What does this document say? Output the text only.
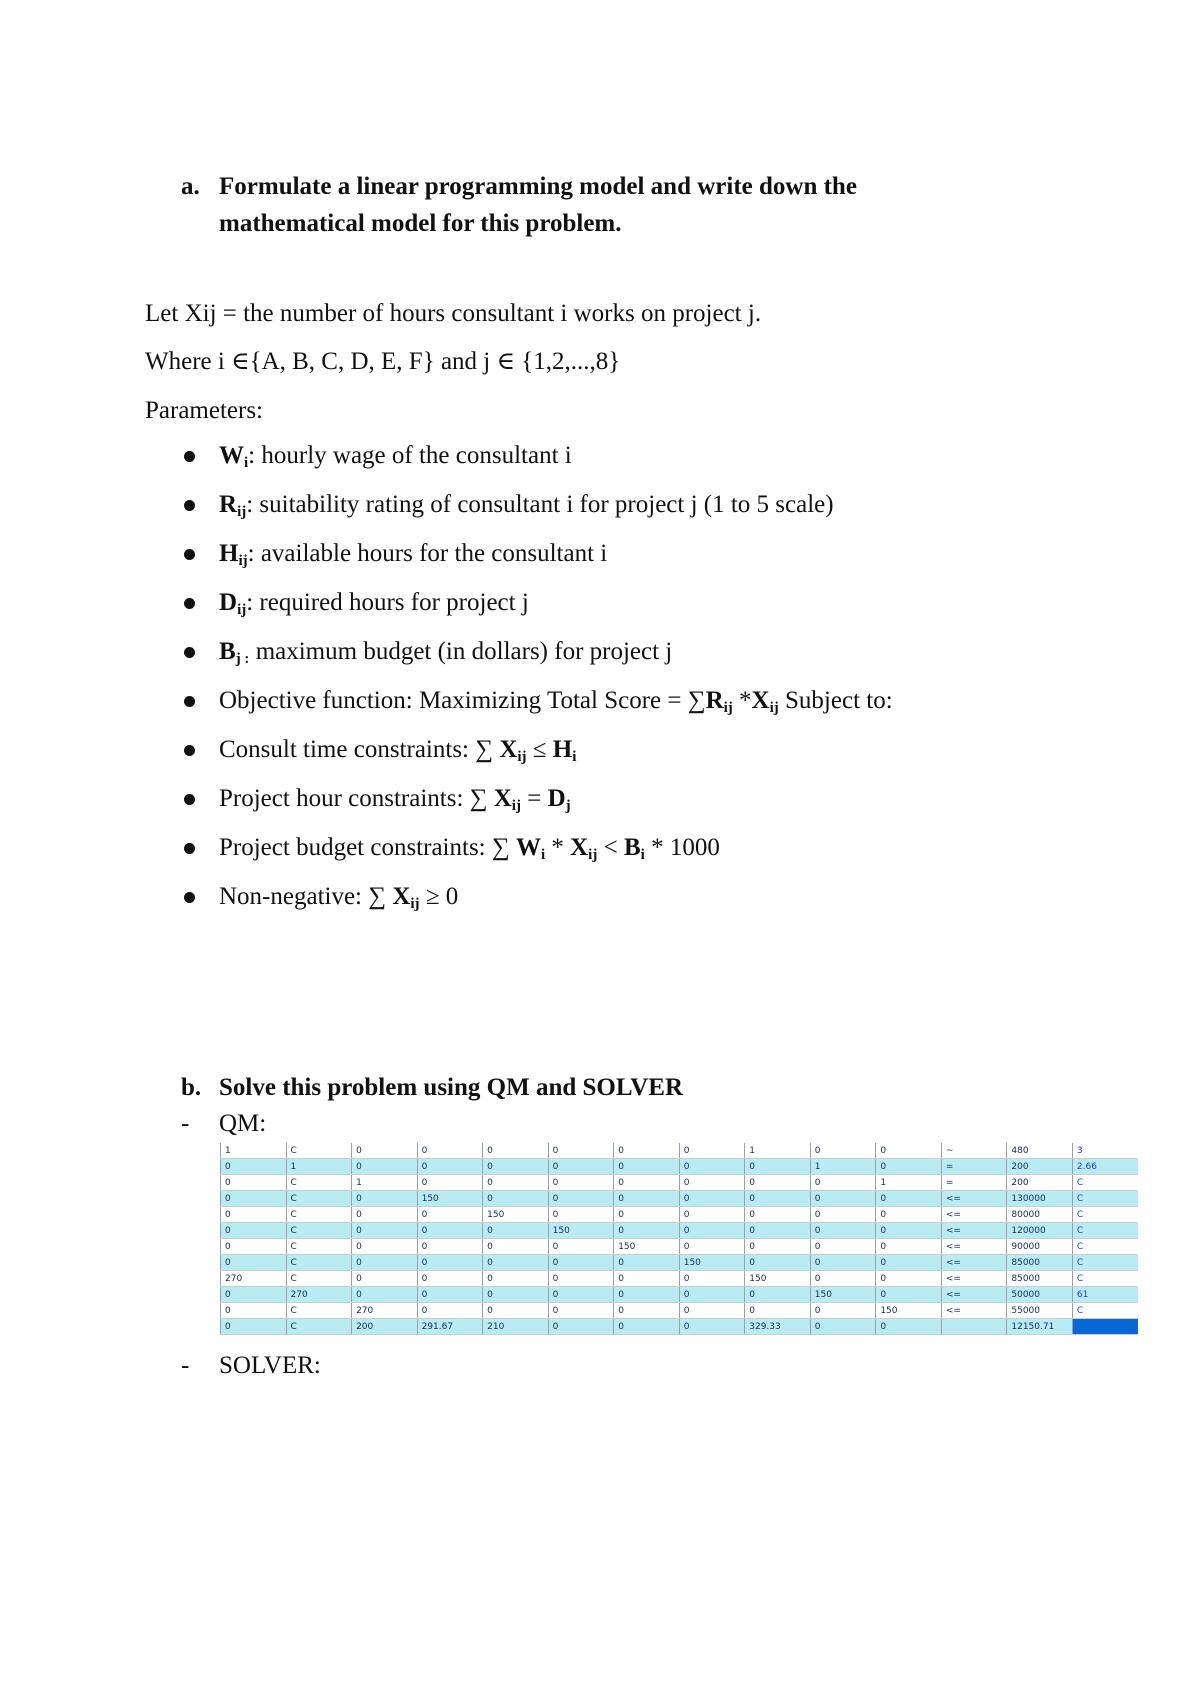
a. Formulate a linear programming model and write down the mathematical model for this problem.
Let Xij = the number of hours consultant i works on project j.
Where i ∈{A, B, C, D, E, F} and j ∈ {1,2,...,8}
Parameters:
$W_i$: hourly wage of the consultant i
$R_{ij}$: suitability rating of consultant i for project j (1 to 5 scale)
$H_{ij}$: available hours for the consultant i
$D_{ij}$: required hours for project j
$B_{j :}$ maximum budget (in dollars) for project j
Objective function: Maximizing Total Score = $\sum R_{ij}$ $*X_{ij}$ Subject to:
Consult time constraints: ∑ $X_{ij} \le H_i$
Project hour constraints: ∑ $X_{ij} = D_j$
Project budget constraints: ∑ $W_i * X_{ij} < B_i * 1000$
Non-negative: ∑ $X_{ij} \ge 0$
b. Solve this problem using QM and SOLVER
- QM:
1	C	0	0	0	0	0	0	1	0	0	~	480	3
0	1	0	0	0	0	0	0	0	1	0	=	200	2.66
0	C	1	0	0	0	0	0	0	0	1	=	200	C
0	C	0	150	0	0	0	0	0	0	0	<=	130000	C
0	C	0	0	150	0	0	0	0	0	0	<=	80000	C
0	C	0	0	0	150	0	0	0	0	0	<=	120000	C
0	C	0	0	0	0	150	0	0	0	0	<=	90000	C
0	C	0	0	0	0	0	150	0	0	0	<=	85000	C
270	C	0	0	0	0	0	0	150	0	0	<=	85000	C
0	270	0	0	0	0	0	0	0	150	0	<=	50000	61
0	C	270	0	0	0	0	0	0	0	150	<=	55000	C
0	C	200	291.67	210	0	0	0	329.33	0	0		12150.71	
- SOLVER:
